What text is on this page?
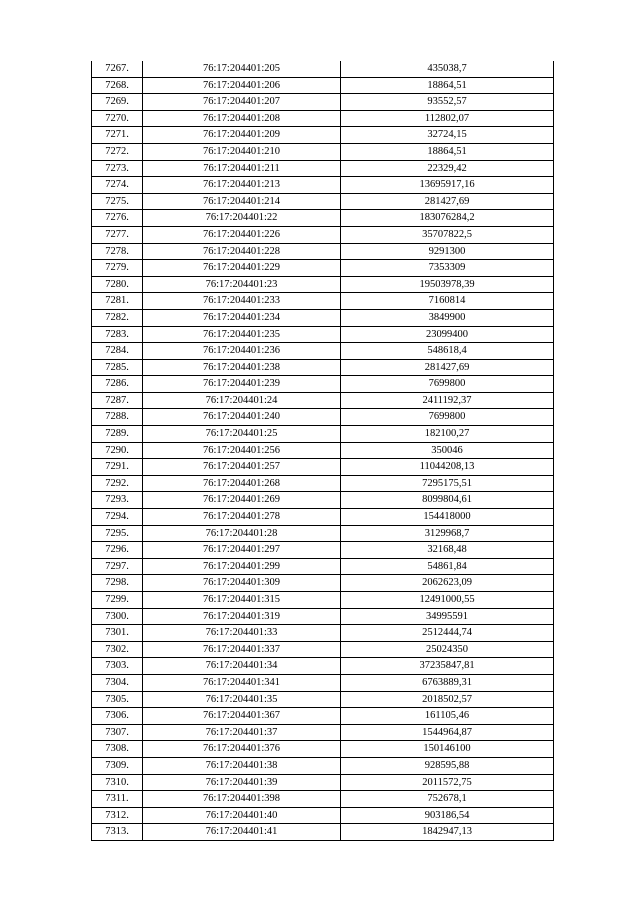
7267.	76:17:204401:205	435038,7
7268.	76:17:204401:206	18864,51
7269.	76:17:204401:207	93552,57
7270.	76:17:204401:208	112802,07
7271.	76:17:204401:209	32724,15
7272.	76:17:204401:210	18864,51
7273.	76:17:204401:211	22329,42
7274.	76:17:204401:213	13695917,16
7275.	76:17:204401:214	281427,69
7276.	76:17:204401:22	183076284,2
7277.	76:17:204401:226	35707822,5
7278.	76:17:204401:228	9291300
7279.	76:17:204401:229	7353309
7280.	76:17:204401:23	19503978,39
7281.	76:17:204401:233	7160814
7282.	76:17:204401:234	3849900
7283.	76:17:204401:235	23099400
7284.	76:17:204401:236	548618,4
7285.	76:17:204401:238	281427,69
7286.	76:17:204401:239	7699800
7287.	76:17:204401:24	2411192,37
7288.	76:17:204401:240	7699800
7289.	76:17:204401:25	182100,27
7290.	76:17:204401:256	350046
7291.	76:17:204401:257	11044208,13
7292.	76:17:204401:268	7295175,51
7293.	76:17:204401:269	8099804,61
7294.	76:17:204401:278	154418000
7295.	76:17:204401:28	3129968,7
7296.	76:17:204401:297	32168,48
7297.	76:17:204401:299	54861,84
7298.	76:17:204401:309	2062623,09
7299.	76:17:204401:315	12491000,55
7300.	76:17:204401:319	34995591
7301.	76:17:204401:33	2512444,74
7302.	76:17:204401:337	25024350
7303.	76:17:204401:34	37235847,81
7304.	76:17:204401:341	6763889,31
7305.	76:17:204401:35	2018502,57
7306.	76:17:204401:367	161105,46
7307.	76:17:204401:37	1544964,87
7308.	76:17:204401:376	150146100
7309.	76:17:204401:38	928595,88
7310.	76:17:204401:39	2011572,75
7311.	76:17:204401:398	752678,1
7312.	76:17:204401:40	903186,54
7313.	76:17:204401:41	1842947,13
